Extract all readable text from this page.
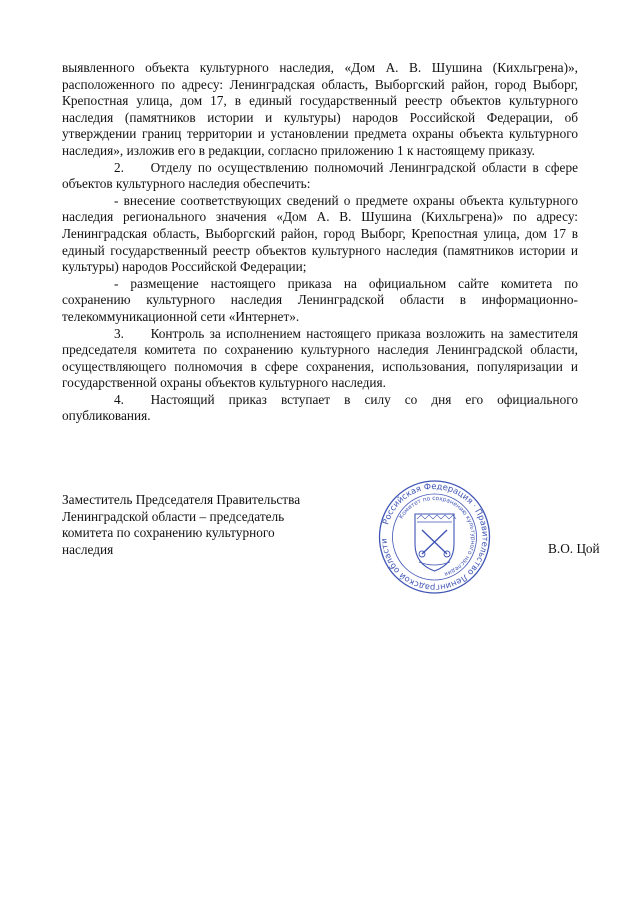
выявленного объекта культурного наследия, «Дом А. В. Шушина (Кихльгрена)», расположенного по адресу: Ленинградская область, Выборгский район, город Выборг, Крепостная улица, дом 17, в единый государственный реестр объектов культурного наследия (памятников истории и культуры) народов Российской Федерации, об утверждении границ территории и установлении предмета охраны объекта культурного наследия», изложив его в редакции, согласно приложению 1 к настоящему приказу.

2.  Отделу по осуществлению полномочий Ленинградской области в сфере объектов культурного наследия обеспечить:

- внесение соответствующих сведений о предмете охраны объекта культурного наследия регионального значения «Дом А. В. Шушина (Кихльгрена)» по адресу: Ленинградская область, Выборгский район, город Выборг, Крепостная улица, дом 17 в единый государственный реестр объектов культурного наследия (памятников истории и культуры) народов Российской Федерации;

- размещение настоящего приказа на официальном сайте комитета по сохранению культурного наследия Ленинградской области в информационно-телекоммуникационной сети «Интернет».

3.  Контроль за исполнением настоящего приказа возложить на заместителя председателя комитета по сохранению культурного наследия Ленинградской области, осуществляющего полномочия в сфере сохранения, использования, популяризации и государственной охраны объектов культурного наследия.

4.  Настоящий приказ вступает в силу со дня его официального опубликования.

Заместитель Председателя Правительства
Ленинградской области – председатель
комитета по сохранению культурного
наследия	В.О. Цой
Российская Федерация · Правительство Ленинградской области
Комитет по сохранению культурного наследия
